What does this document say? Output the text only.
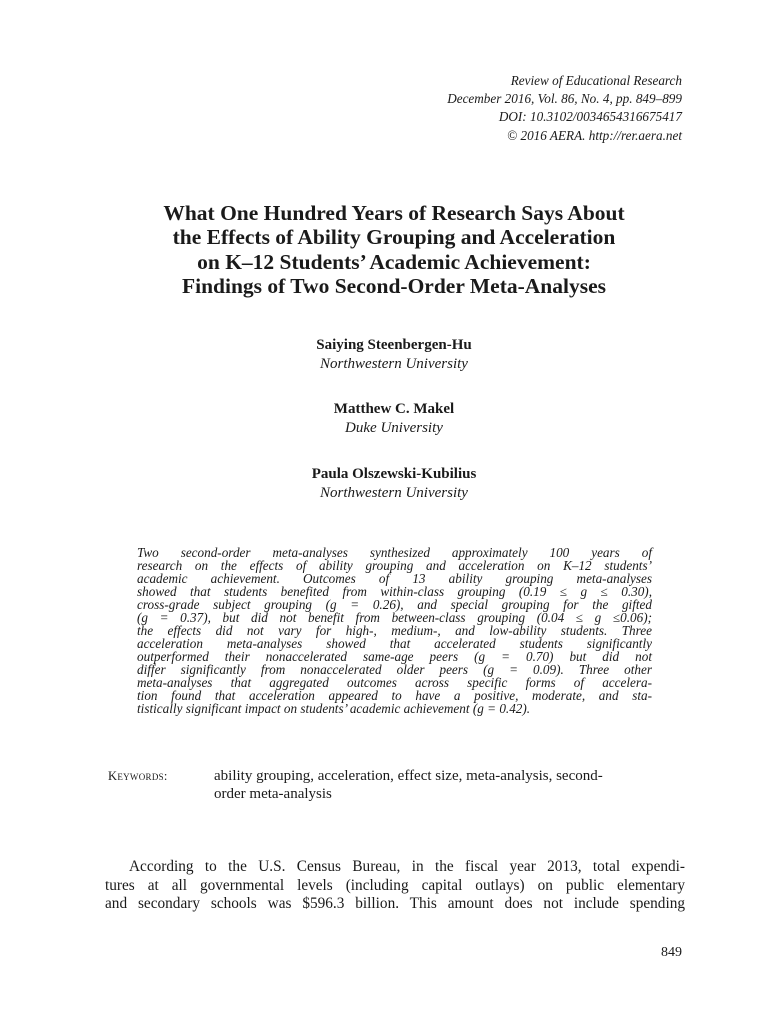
Review of Educational Research
December 2016, Vol. 86, No. 4, pp. 849–899
DOI: 10.3102/0034654316675417
© 2016 AERA. http://rer.aera.net
What One Hundred Years of Research Says About
the Effects of Ability Grouping and Acceleration
on K–12 Students’ Academic Achievement:
Findings of Two Second-Order Meta-Analyses
Saiying Steenbergen-Hu
Northwestern University
Matthew C. Makel
Duke University
Paula Olszewski-Kubilius
Northwestern University
Two second-order meta-analyses synthesized approximately 100 years of
research on the effects of ability grouping and acceleration on K–12 students’
academic achievement. Outcomes of 13 ability grouping meta-analyses
showed that students benefited from within-class grouping (0.19 ≤ g ≤ 0.30),
cross-grade subject grouping (g = 0.26), and special grouping for the gifted
(g = 0.37), but did not benefit from between-class grouping (0.04 ≤ g ≤0.06);
the effects did not vary for high-, medium-, and low-ability students. Three
acceleration meta-analyses showed that accelerated students significantly
outperformed their nonaccelerated same-age peers (g = 0.70) but did not
differ significantly from nonaccelerated older peers (g = 0.09). Three other
meta-analyses that aggregated outcomes across specific forms of accelera-
tion found that acceleration appeared to have a positive, moderate, and sta-
tistically significant impact on students’ academic achievement (g = 0.42).
Keywords:	ability grouping, acceleration, effect size, meta-analysis, second-
order meta-analysis
According to the U.S. Census Bureau, in the fiscal year 2013, total expendi-
tures at all governmental levels (including capital outlays) on public elementary
and secondary schools was $596.3 billion. This amount does not include spending
849
